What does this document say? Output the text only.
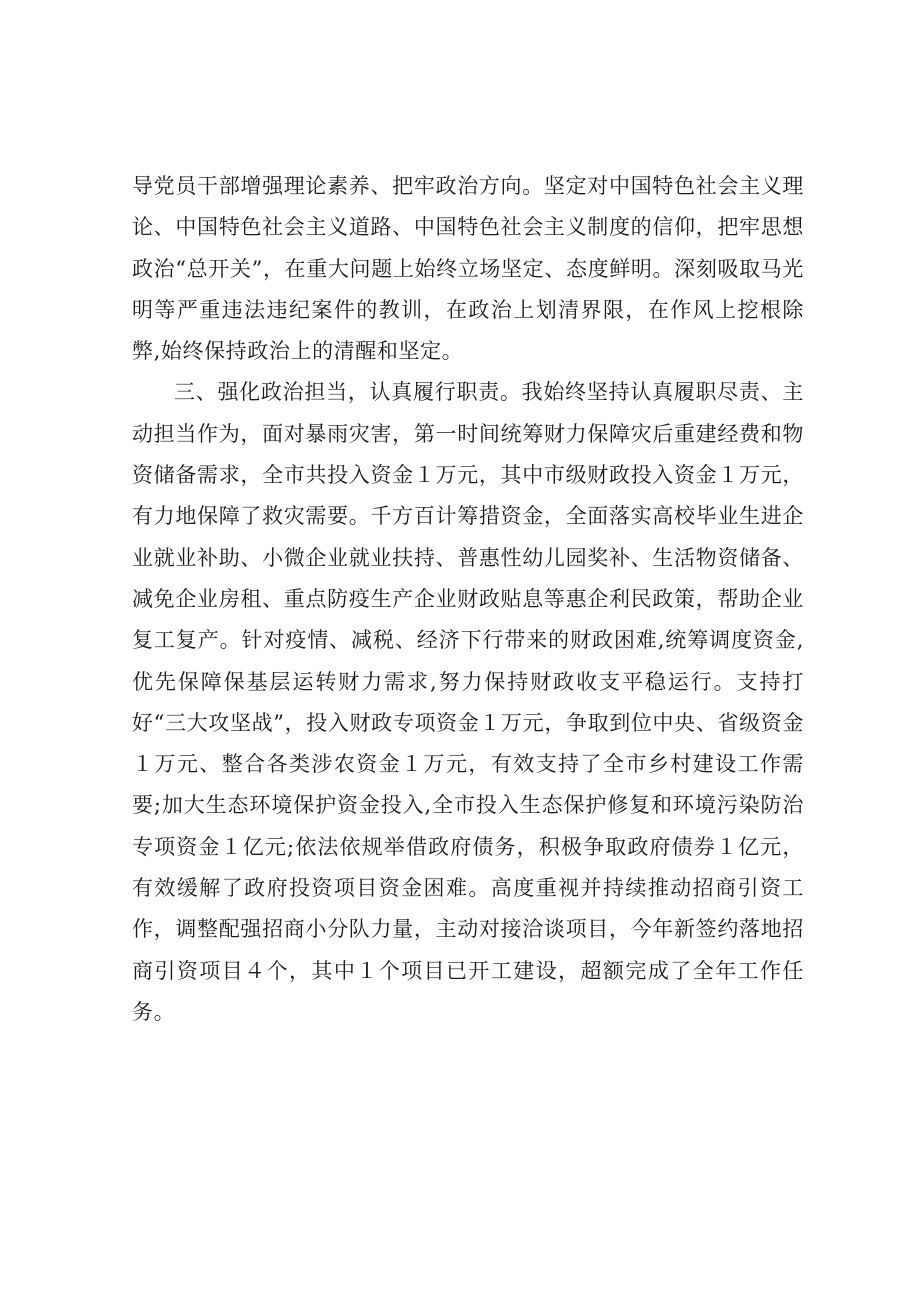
导党员干部增强理论素养、把牢政治方向。坚定对中国特色社会主义理论、中国特色社会主义道路、中国特色社会主义制度的信仰，把牢思想政治“总开关”，在重大问题上始终立场坚定、态度鲜明。深刻吸取马光明等严重违法违纪案件的教训，在政治上划清界限，在作风上挖根除弊,始终保持政治上的清醒和坚定。

三、强化政治担当，认真履行职责。我始终坚持认真履职尽责、主动担当作为，面对暴雨灾害，第一时间统筹财力保障灾后重建经费和物资储备需求，全市共投入资金１万元，其中市级财政投入资金１万元，有力地保障了救灾需要。千方百计筹措资金，全面落实高校毕业生进企业就业补助、小微企业就业扶持、普惠性幼儿园奖补、生活物资储备、减免企业房租、重点防疫生产企业财政贴息等惠企利民政策，帮助企业复工复产。针对疫情、减税、经济下行带来的财政困难,统筹调度资金,优先保障保基层运转财力需求,努力保持财政收支平稳运行。支持打好“三大攻坚战”，投入财政专项资金１万元，争取到位中央、省级资金１万元、整合各类涉农资金１万元，有效支持了全市乡村建设工作需要;加大生态环境保护资金投入,全市投入生态保护修复和环境污染防治专项资金１亿元;依法依规举借政府债务，积极争取政府债券１亿元，有效缓解了政府投资项目资金困难。高度重视并持续推动招商引资工作，调整配强招商小分队力量，主动对接洽谈项目，今年新签约落地招商引资项目４个，其中１个项目已开工建设，超额完成了全年工作任务。
